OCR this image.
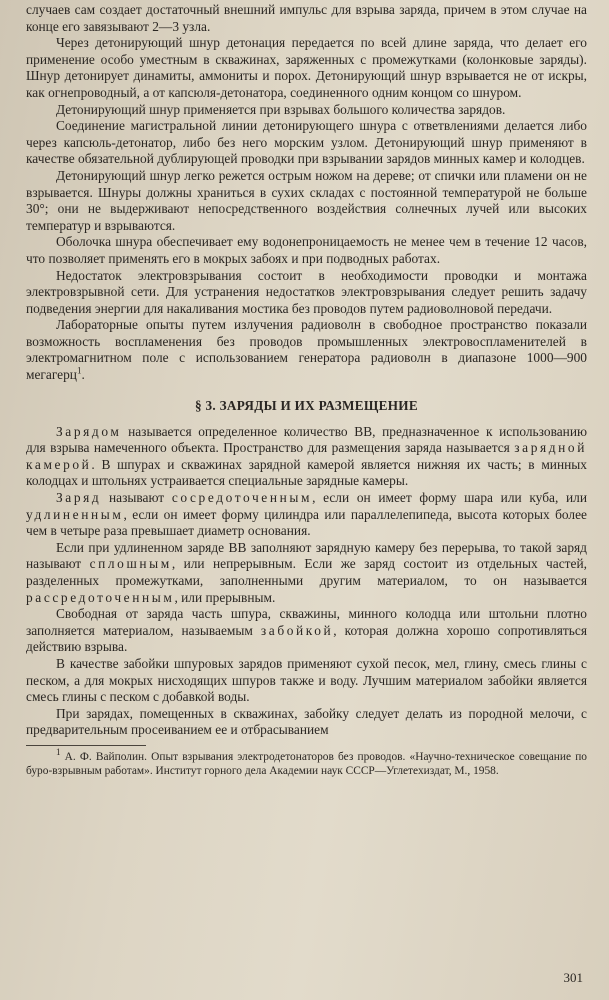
случаев сам создает достаточный внешний импульс для взрыва заряда, причем в этом случае на конце его завязывают 2—3 узла.

Через детонирующий шнур детонация передается по всей длине заряда, что делает его применение особо уместным в скважинах, заряженных с промежутками (колонковые заряды). Шнур детонирует динамиты, аммониты и порох. Детонирующий шнур взрывается не от искры, как огнепроводный, а от капсюля-детонатора, соединенного одним концом со шнуром.

Детонирующий шнур применяется при взрывах большого количества зарядов.

Соединение магистральной линии детонирующего шнура с ответвлениями делается либо через капсюль-детонатор, либо без него морским узлом. Детонирующий шнур применяют в качестве обязательной дублирующей проводки при взрывании зарядов минных камер и колодцев.

Детонирующий шнур легко режется острым ножом на дереве; от спички или пламени он не взрывается. Шнуры должны храниться в сухих складах с постоянной температурой не больше 30°; они не выдерживают непосредственного воздействия солнечных лучей или высоких температур и взрываются.

Оболочка шнура обеспечивает ему водонепроницаемость не менее чем в течение 12 часов, что позволяет применять его в мокрых забоях и при подводных работах.

Недостаток электровзрывания состоит в необходимости проводки и монтажа электровзрывной сети. Для устранения недостатков электровзрывания следует решить задачу подведения энергии для накаливания мостика без проводов путем радиоволновой передачи.

Лабораторные опыты путем излучения радиоволн в свободное пространство показали возможность воспламенения без проводов промышленных электровоспламенителей в электромагнитном поле с использованием генератора радиоволн в диапазоне 1000—900 мегагерц$^1$.

§ 3. ЗАРЯДЫ И ИХ РАЗМЕЩЕНИЕ

Зарядом называется определенное количество ВВ, предназначенное к использованию для взрыва намеченного объекта. Пространство для размещения заряда называется зарядной камерой. В шпурах и скважинах зарядной камерой является нижняя их часть; в минных колодцах и штольнях устраивается специальные зарядные камеры.

Заряд называют сосредоточенным, если он имеет форму шара или куба, или удлиненным, если он имеет форму цилиндра или параллелепипеда, высота которых более чем в четыре раза превышает диаметр основания.

Если при удлиненном заряде ВВ заполняют зарядную камеру без перерыва, то такой заряд называют сплошным, или непрерывным. Если же заряд состоит из отдельных частей, разделенных промежутками, заполненными другим материалом, то он называется рассредоточенным, или прерывным.

Свободная от заряда часть шпура, скважины, минного колодца или штольни плотно заполняется материалом, называемым забойкой, которая должна хорошо сопротивляться действию взрыва.

В качестве забойки шпуровых зарядов применяют сухой песок, мел, глину, смесь глины с песком, а для мокрых нисходящих шпуров также и воду. Лучшим материалом забойки является смесь глины с песком с добавкой воды.

При зарядах, помещенных в скважинах, забойку следует делать из породной мелочи, с предварительным просеиванием ее и отбрасыванием

$^1$ А. Ф. Вайполин. Опыт взрывания электродетонаторов без проводов. «Научно-техническое совещание по буро-взрывным работам». Институт горного дела Академии наук СССР—Углетехиздат, М., 1958.

301
